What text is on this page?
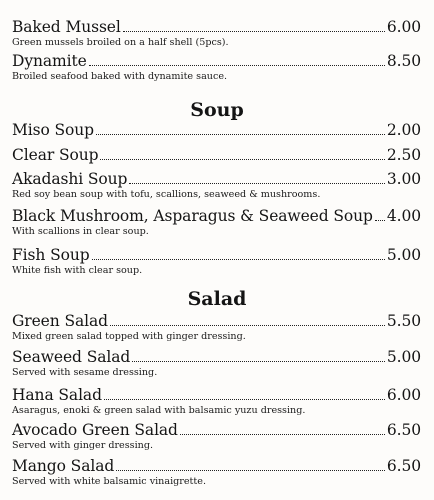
Baked Mussel	6.00
Green mussels broiled on a half shell (5pcs).
Dynamite	8.50
Broiled seafood baked with dynamite sauce.
Soup
Miso Soup	2.00
Clear Soup	2.50
Akadashi Soup	3.00
Red soy bean soup with tofu, scallions, seaweed & mushrooms.
Black Mushroom, Asparagus & Seaweed Soup 4.00
With scallions in clear soup.
Fish Soup	5.00
White fish with clear soup.
Salad
Green Salad	5.50
Mixed green salad topped with ginger dressing.
Seaweed Salad	5.00
Served with sesame dressing.
Hana Salad	6.00
Asaragus, enoki & green salad with balsamic yuzu dressing.
Avocado Green Salad	6.50
Served with ginger dressing.
Mango Salad	6.50
Served with white balsamic vinaigrette.
